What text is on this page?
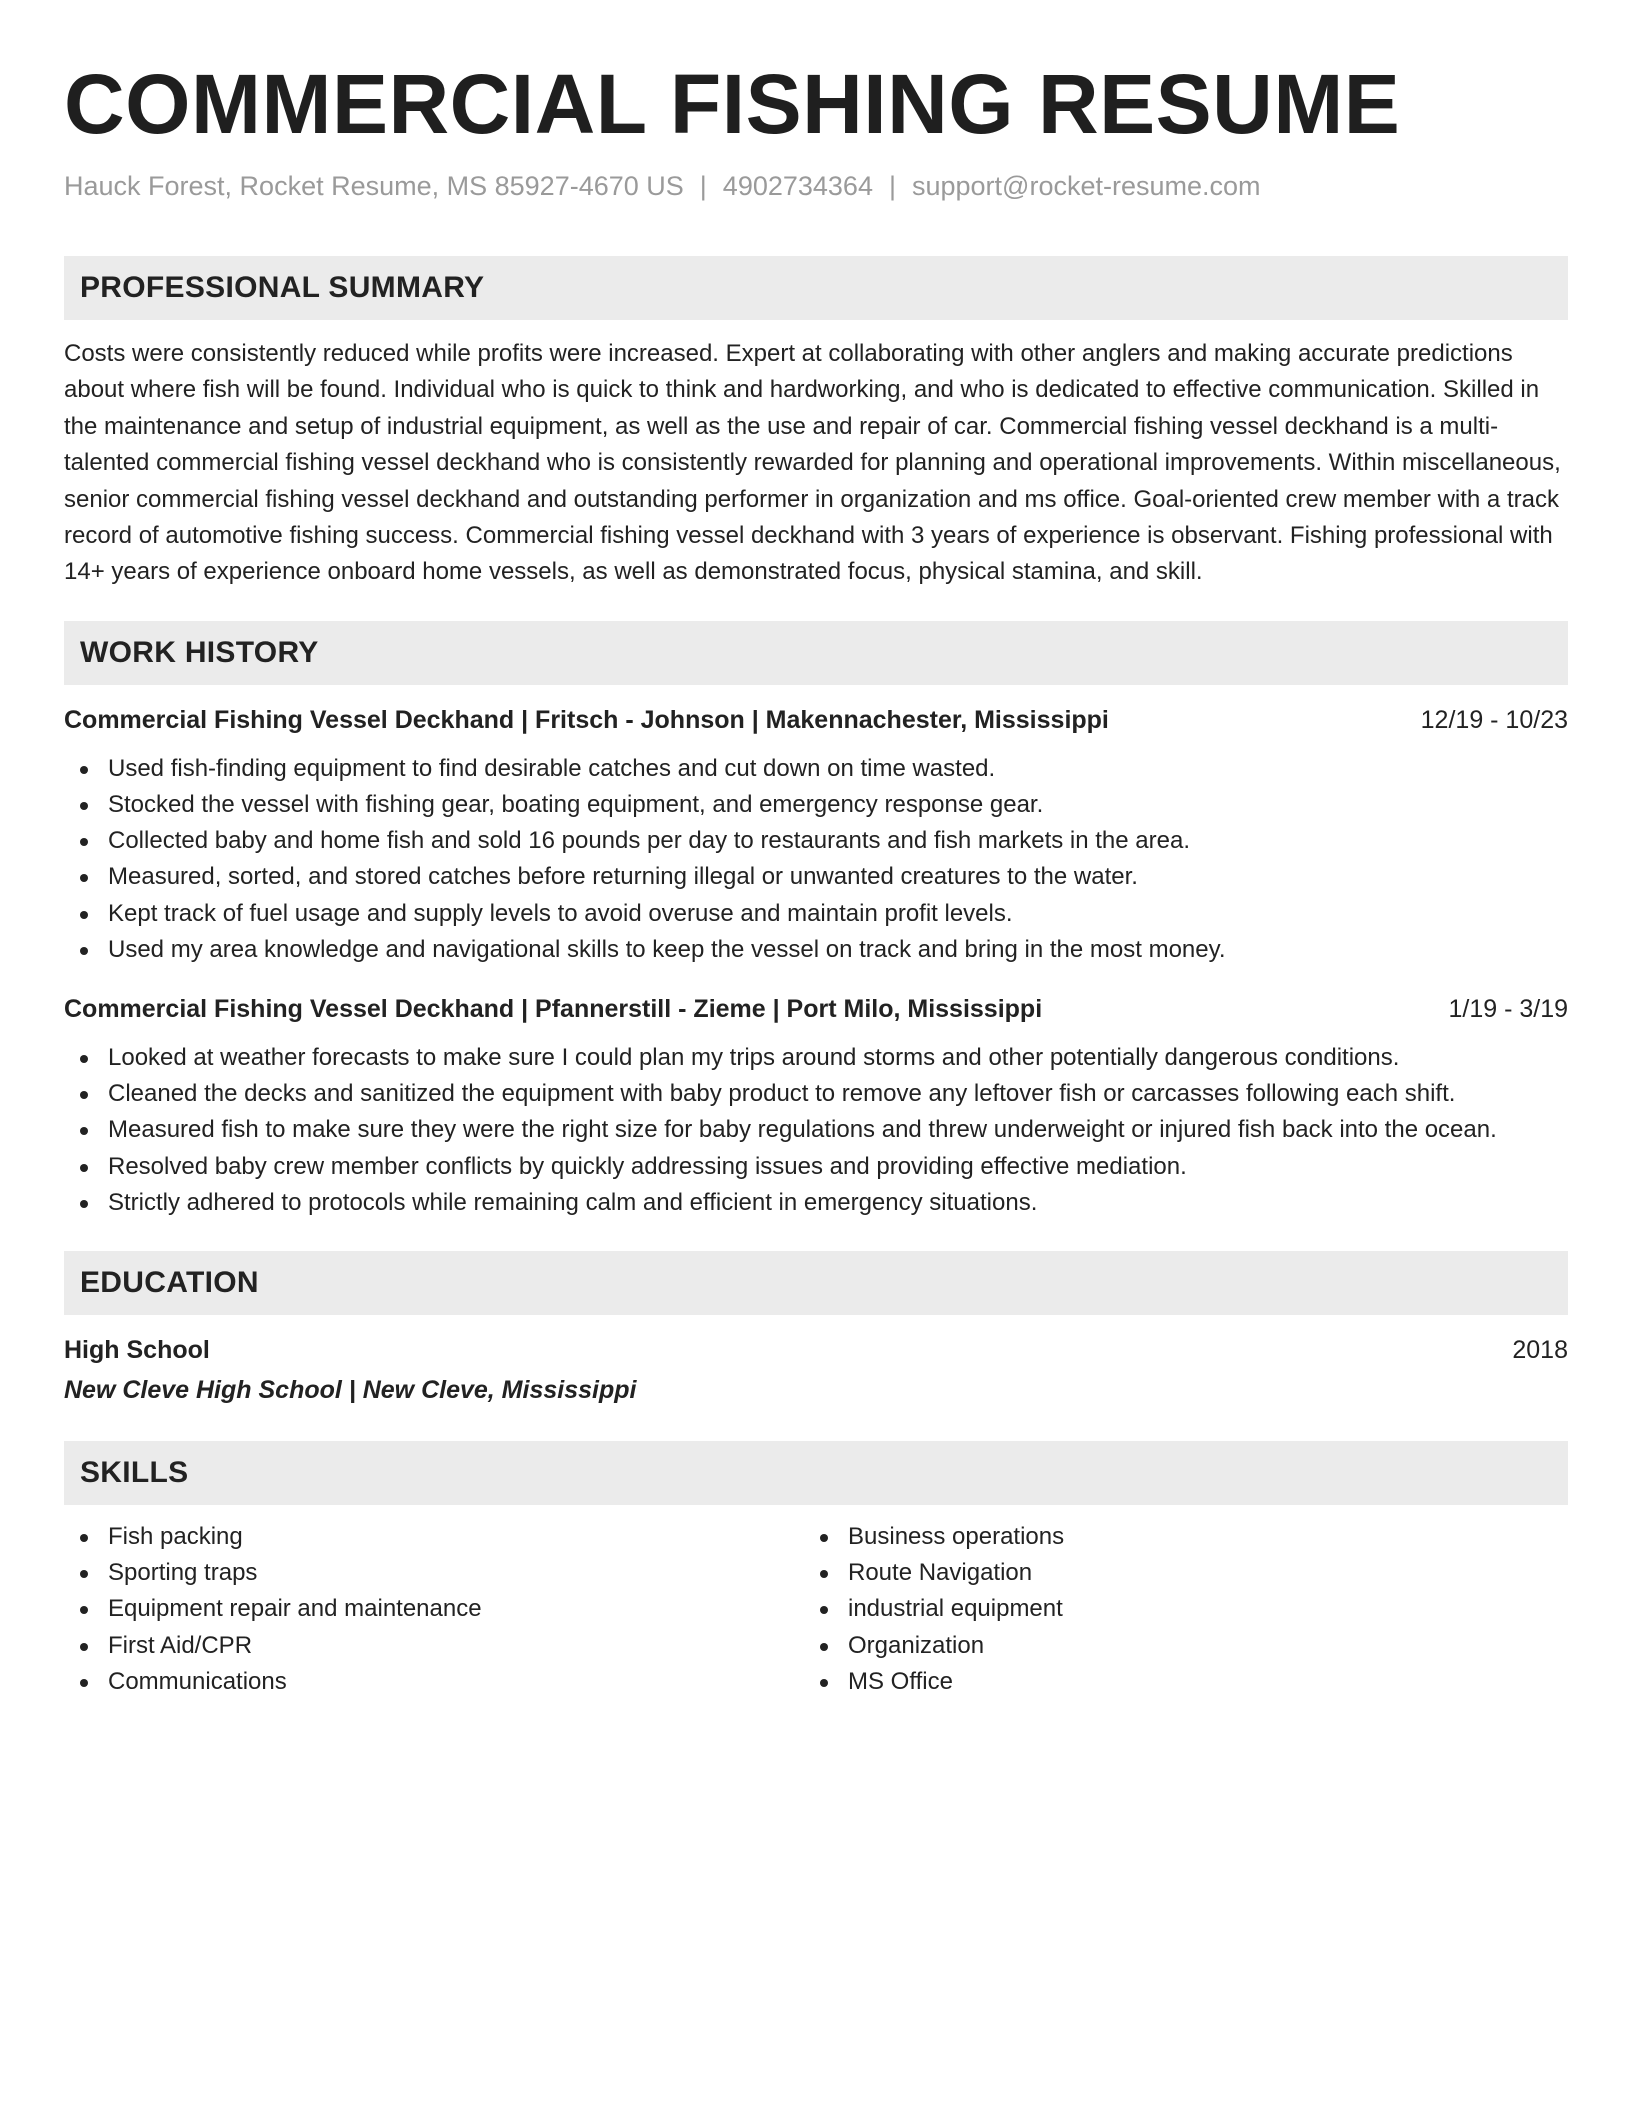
COMMERCIAL FISHING RESUME
Hauck Forest, Rocket Resume, MS 85927-4670 US | 4902734364 | support@rocket-resume.com
PROFESSIONAL SUMMARY

Costs were consistently reduced while profits were increased. Expert at collaborating with other anglers and making accurate predictions about where fish will be found. Individual who is quick to think and hardworking, and who is dedicated to effective communication. Skilled in the maintenance and setup of industrial equipment, as well as the use and repair of car. Commercial fishing vessel deckhand is a multi-talented commercial fishing vessel deckhand who is consistently rewarded for planning and operational improvements. Within miscellaneous, senior commercial fishing vessel deckhand and outstanding performer in organization and ms office. Goal-oriented crew member with a track record of automotive fishing success. Commercial fishing vessel deckhand with 3 years of experience is observant. Fishing professional with 14+ years of experience onboard home vessels, as well as demonstrated focus, physical stamina, and skill.

WORK HISTORY
Commercial Fishing Vessel Deckhand | Fritsch - Johnson | Makennachester, Mississippi	12/19 - 10/23
Used fish-finding equipment to find desirable catches and cut down on time wasted.
Stocked the vessel with fishing gear, boating equipment, and emergency response gear.
Collected baby and home fish and sold 16 pounds per day to restaurants and fish markets in the area.
Measured, sorted, and stored catches before returning illegal or unwanted creatures to the water.
Kept track of fuel usage and supply levels to avoid overuse and maintain profit levels.
Used my area knowledge and navigational skills to keep the vessel on track and bring in the most money.
Commercial Fishing Vessel Deckhand | Pfannerstill - Zieme | Port Milo, Mississippi	1/19 - 3/19
Looked at weather forecasts to make sure I could plan my trips around storms and other potentially dangerous conditions.
Cleaned the decks and sanitized the equipment with baby product to remove any leftover fish or carcasses following each shift.
Measured fish to make sure they were the right size for baby regulations and threw underweight or injured fish back into the ocean.
Resolved baby crew member conflicts by quickly addressing issues and providing effective mediation.
Strictly adhered to protocols while remaining calm and efficient in emergency situations.
EDUCATION
High School	2018
New Cleve High School | New Cleve, Mississippi
SKILLS
Fish packing
Sporting traps
Equipment repair and maintenance
First Aid/CPR
Communications
Business operations
Route Navigation
industrial equipment
Organization
MS Office
